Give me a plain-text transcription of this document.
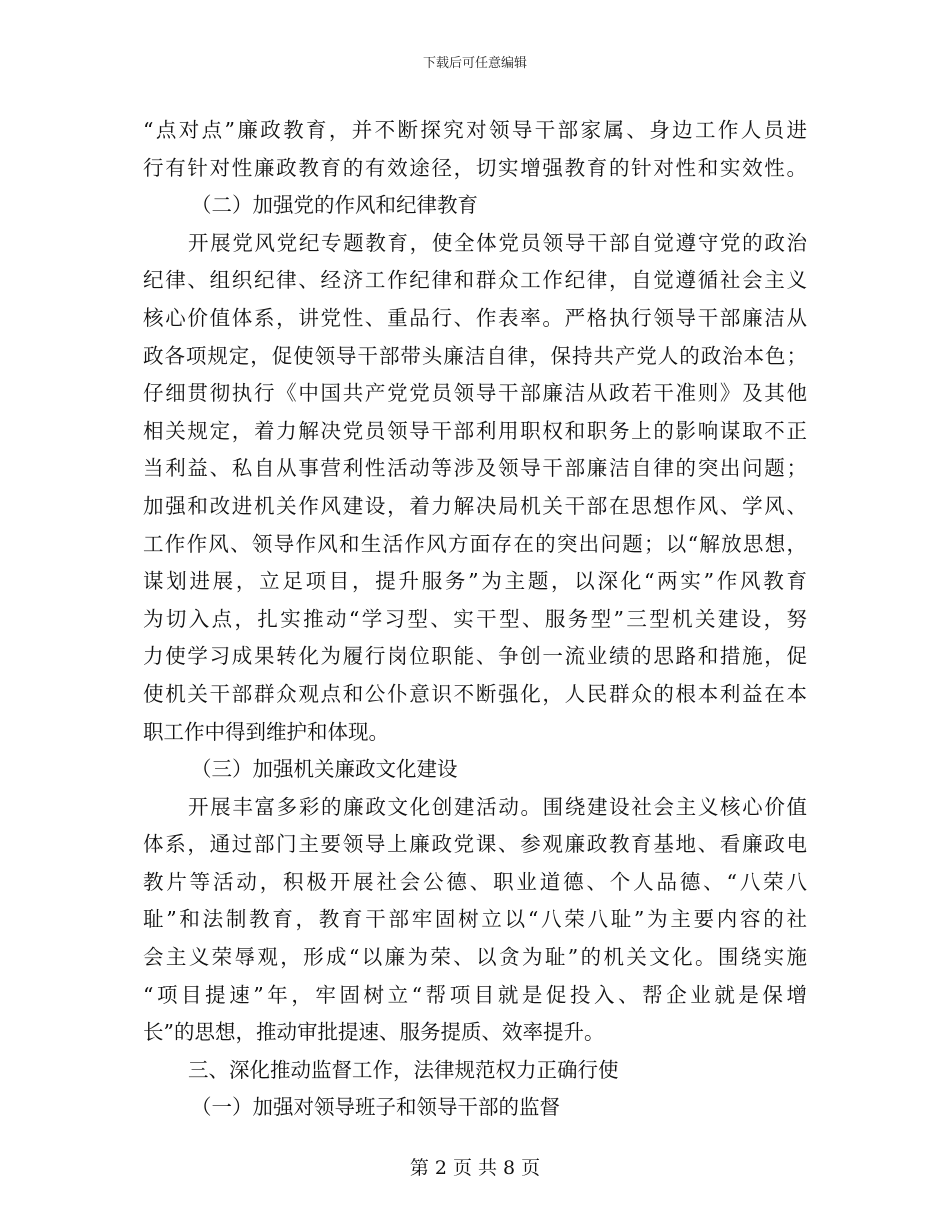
下载后可任意编辑
“点对点”廉政教育，并不断探究对领导干部家属、身边工作人员进
行有针对性廉政教育的有效途径，切实增强教育的针对性和实效性。
（二）加强党的作风和纪律教育
开展党风党纪专题教育，使全体党员领导干部自觉遵守党的政治
纪律、组织纪律、经济工作纪律和群众工作纪律，自觉遵循社会主义
核心价值体系，讲党性、重品行、作表率。严格执行领导干部廉洁从
政各项规定，促使领导干部带头廉洁自律，保持共产党人的政治本色；
仔细贯彻执行《中国共产党党员领导干部廉洁从政若干准则》及其他
相关规定，着力解决党员领导干部利用职权和职务上的影响谋取不正
当利益、私自从事营利性活动等涉及领导干部廉洁自律的突出问题；
加强和改进机关作风建设，着力解决局机关干部在思想作风、学风、
工作作风、领导作风和生活作风方面存在的突出问题；以“解放思想，
谋划进展，立足项目，提升服务”为主题，以深化“两实”作风教育
为切入点，扎实推动“学习型、实干型、服务型”三型机关建设，努
力使学习成果转化为履行岗位职能、争创一流业绩的思路和措施，促
使机关干部群众观点和公仆意识不断强化，人民群众的根本利益在本
职工作中得到维护和体现。
（三）加强机关廉政文化建设
开展丰富多彩的廉政文化创建活动。围绕建设社会主义核心价值
体系，通过部门主要领导上廉政党课、参观廉政教育基地、看廉政电
教片等活动，积极开展社会公德、职业道德、个人品德、“八荣八
耻”和法制教育，教育干部牢固树立以“八荣八耻”为主要内容的社
会主义荣辱观，形成“以廉为荣、以贪为耻”的机关文化。围绕实施
“项目提速”年，牢固树立“帮项目就是促投入、帮企业就是保增
长”的思想，推动审批提速、服务提质、效率提升。
三、深化推动监督工作，法律规范权力正确行使
（一）加强对领导班子和领导干部的监督
第 2 页 共 8 页
